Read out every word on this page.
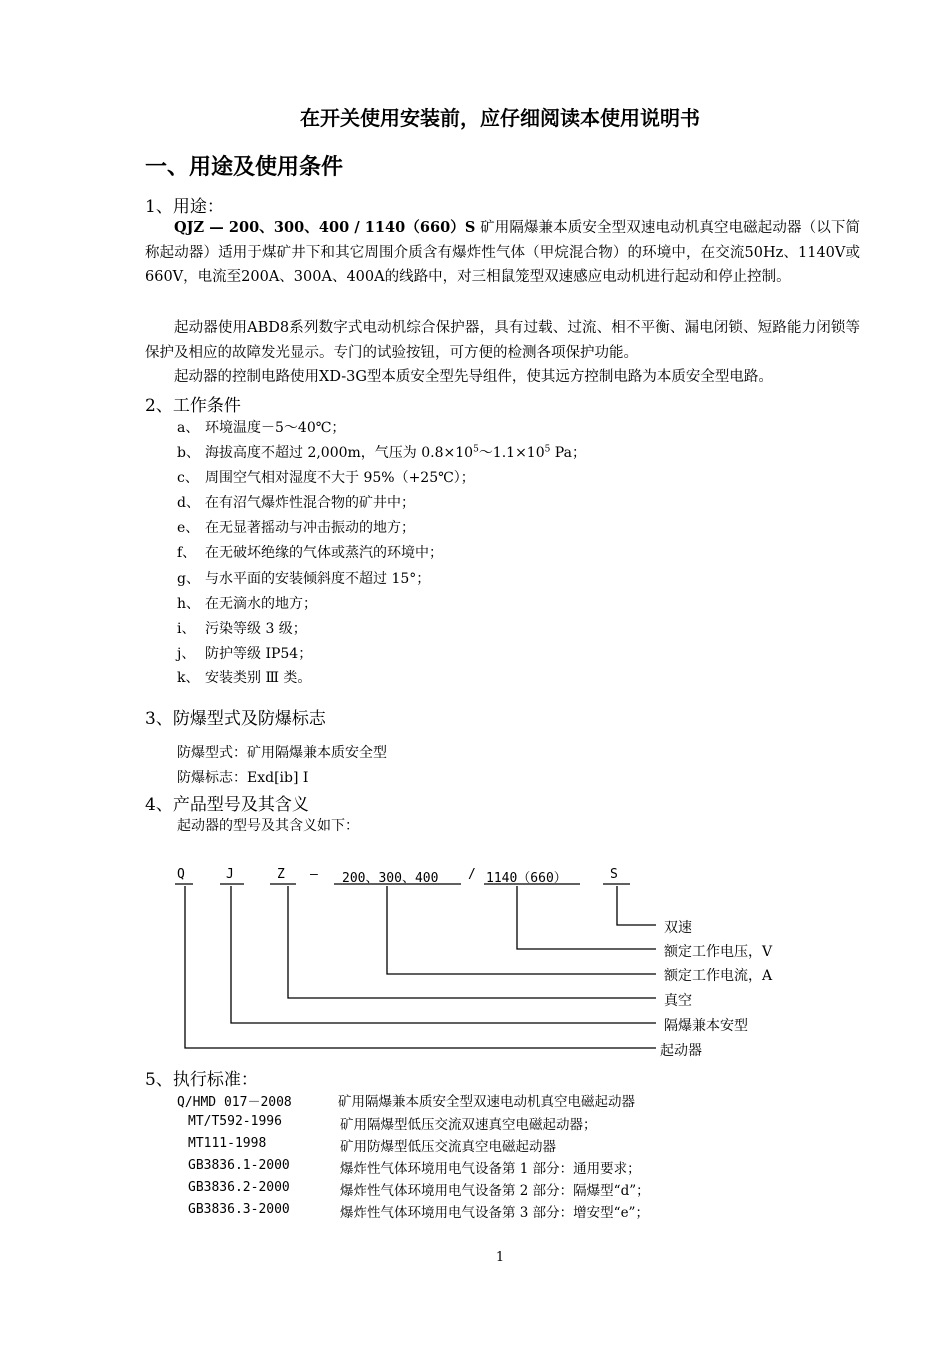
在开关使用安装前，应仔细阅读本使用说明书
一、用途及使用条件
1、用途：
QJZ — 200、300、400 / 1140（660）S 矿用隔爆兼本质安全型双速电动机真空电磁起动器（以下简称起动器）适用于煤矿井下和其它周围介质含有爆炸性气体（甲烷混合物）的环境中，在交流50Hz、1140V或660V，电流至200A、300A、400A的线路中，对三相鼠笼型双速感应电动机进行起动和停止控制。
起动器使用ABD8系列数字式电动机综合保护器，具有过载、过流、相不平衡、漏电闭锁、短路能力闭锁等保护及相应的故障发光显示。专门的试验按钮，可方便的检测各项保护功能。
起动器的控制电路使用XD-3G型本质安全型先导组件，使其远方控制电路为本质安全型电路。
2、工作条件
a、 环境温度－5～40℃；
b、 海拔高度不超过 2,000m，气压为 $0.8\times 10^5\sim 1.1\times 10^5$ Pa；
c、 周围空气相对湿度不大于 95%（+25℃）；
d、 在有沼气爆炸性混合物的矿井中；
e、 在无显著摇动与冲击振动的地方；
f、 在无破坏绝缘的气体或蒸汽的环境中；
g、 与水平面的安装倾斜度不超过 15°；
h、 在无滴水的地方；
i、 污染等级 3 级；
j、 防护等级 IP54；
k、 安装类别 Ⅲ 类。
3、防爆型式及防爆标志
防爆型式：矿用隔爆兼本质安全型
防爆标志：Exd[ib] Ⅰ
4、产品型号及其含义
起动器的型号及其含义如下：
Q	J	Z — 200、300、400 / 1140（660）	S
双速
额定工作电压，V
额定工作电流，A
真空
隔爆兼本安型
起动器
5、执行标准：
Q/HMD 017－2008	矿用隔爆兼本质安全型双速电动机真空电磁起动器
MT/T592-1996	矿用隔爆型低压交流双速真空电磁起动器；
MT111-1998	矿用防爆型低压交流真空电磁起动器
GB3836.1-2000	爆炸性气体环境用电气设备第 1 部分：通用要求；
GB3836.2-2000	爆炸性气体环境用电气设备第 2 部分：隔爆型“d”；
GB3836.3-2000	爆炸性气体环境用电气设备第 3 部分：增安型“e”；
1
